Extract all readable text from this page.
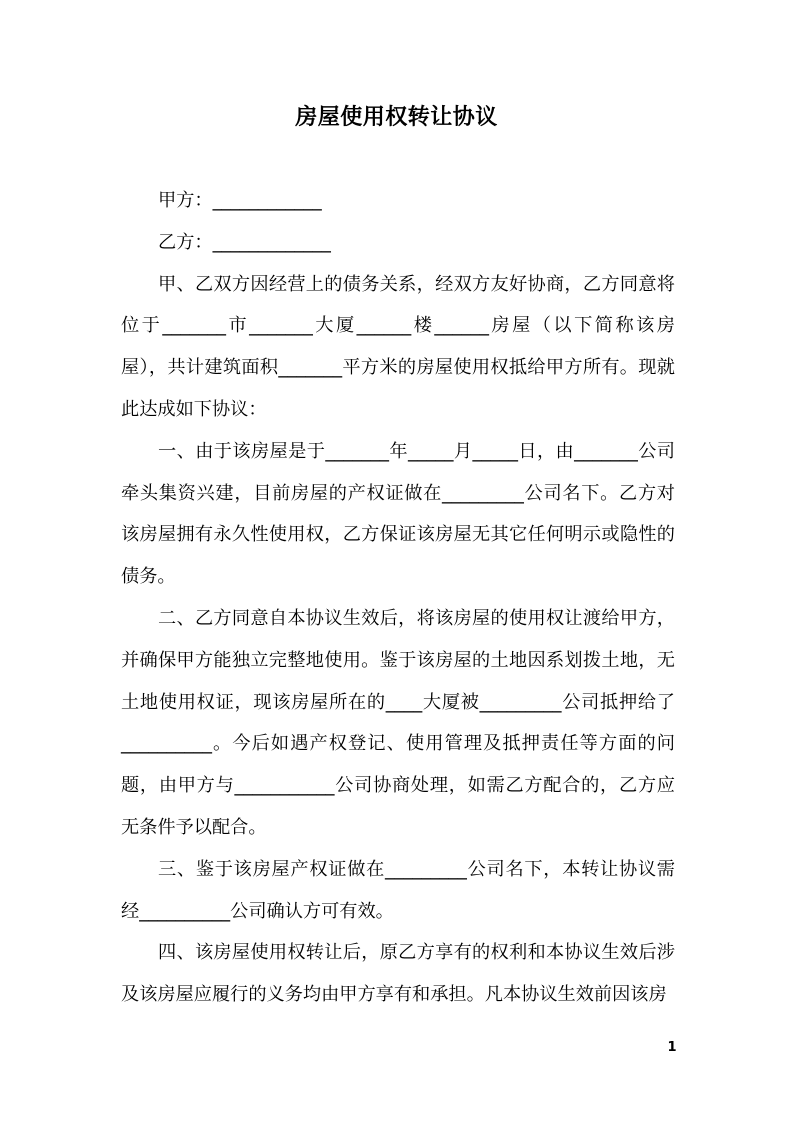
房屋使用权转让协议

甲方：____________

乙方：_____________

甲、乙双方因经营上的债务关系，经双方友好协商，乙方同意将位于_______市_______大厦______楼______房屋（以下简称该房屋），共计建筑面积_______平方米的房屋使用权抵给甲方所有。现就此达成如下协议：

一、由于该房屋是于_______年_____月_____日，由_______公司牵头集资兴建，目前房屋的产权证做在_________公司名下。乙方对该房屋拥有永久性使用权，乙方保证该房屋无其它任何明示或隐性的债务。

二、乙方同意自本协议生效后，将该房屋的使用权让渡给甲方，并确保甲方能独立完整地使用。鉴于该房屋的土地因系划拨土地，无土地使用权证，现该房屋所在的____大厦被_________公司抵押给了__________。今后如遇产权登记、使用管理及抵押责任等方面的问题，由甲方与___________公司协商处理，如需乙方配合的，乙方应无条件予以配合。

三、鉴于该房屋产权证做在_________公司名下，本转让协议需经__________公司确认方可有效。

四、该房屋使用权转让后，原乙方享有的权利和本协议生效后涉及该房屋应履行的义务均由甲方享有和承担。凡本协议生效前因该房

1
